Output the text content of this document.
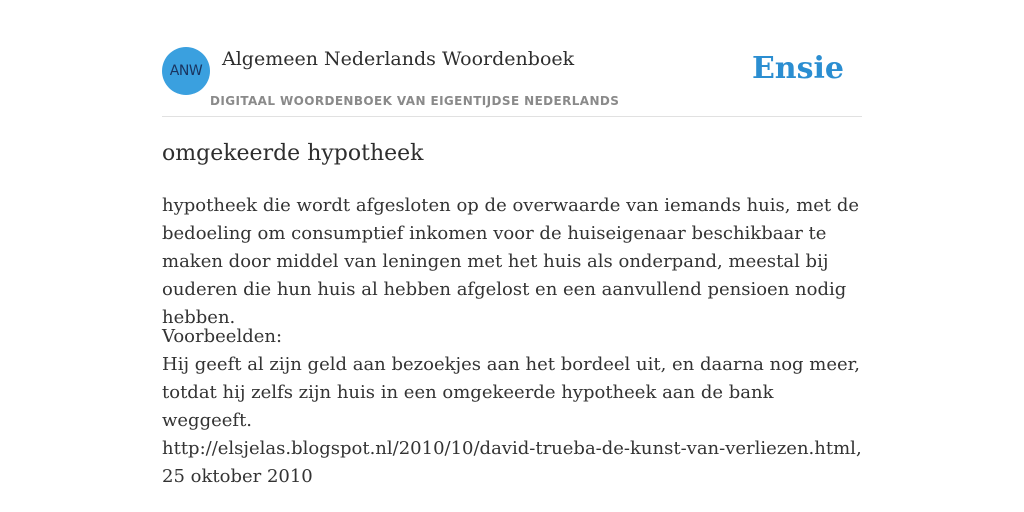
ANW
Algemeen Nederlands Woordenboek
DIGITAAL WOORDENBOEK VAN EIGENTIJDSE NEDERLANDS
Ensie
omgekeerde hypotheek

hypotheek die wordt afgesloten op de overwaarde van iemands huis, met de bedoeling om consumptief inkomen voor de huiseigenaar beschikbaar te maken door middel van leningen met het huis als onderpand, meestal bij ouderen die hun huis al hebben afgelost en een aanvullend pensioen nodig hebben.

Voorbeelden:
Hij geeft al zijn geld aan bezoekjes aan het bordeel uit, en daarna nog meer, totdat hij zelfs zijn huis in een omgekeerde hypotheek aan de bank weggeeft.
http://elsjelas.blogspot.nl/2010/10/david-trueba-de-kunst-van-verliezen.html, 25 oktober 2010
